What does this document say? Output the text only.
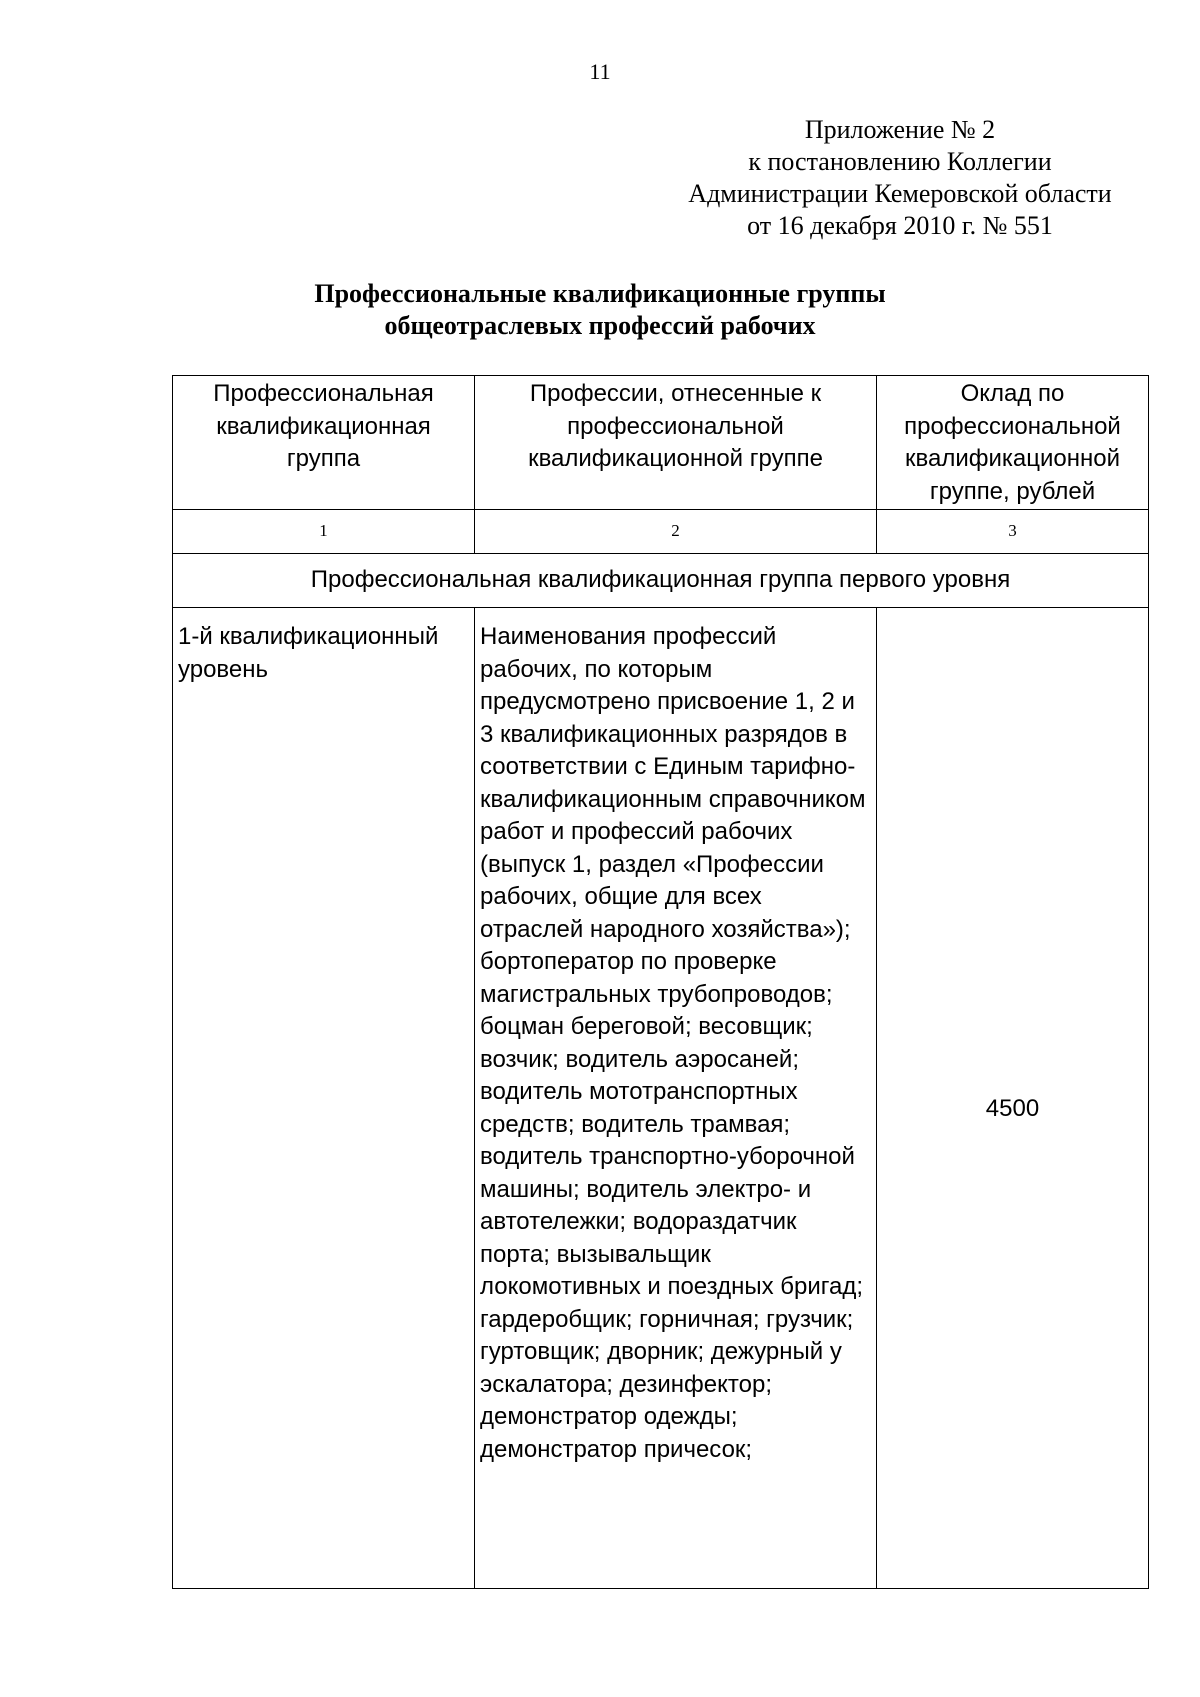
11
Приложение № 2
к постановлению Коллегии
Администрации Кемеровской области
от 16 декабря 2010 г. № 551
Профессиональные квалификационные группы
общеотраслевых профессий рабочих
Профессиональная квалификационная группа	Профессии, отнесенные к профессиональной квалификационной группе	Оклад по профессиональной квалификационной группе, рублей
1	2	3
Профессиональная квалификационная группа первого уровня		
1-й квалификационный уровень	Наименования профессий рабочих, по которым предусмотрено присвоение 1, 2 и 3 квалификационных разрядов в соответствии с Единым тарифно-квалификационным справочником работ и профессий рабочих (выпуск 1, раздел «Профессии рабочих, общие для всех отраслей народного хозяйства»); бортоператор по проверке магистральных трубопроводов; боцман береговой; весовщик; возчик; водитель аэросаней; водитель мототранспортных средств; водитель трамвая; водитель транспортно-уборочной машины; водитель электро- и автотележки; водораздатчик порта; вызывальщик локомотивных и поездных бригад; гардеробщик; горничная; грузчик; гуртовщик; дворник; дежурный у эскалатора; дезинфектор; демонстратор одежды; демонстратор причесок;	4500
